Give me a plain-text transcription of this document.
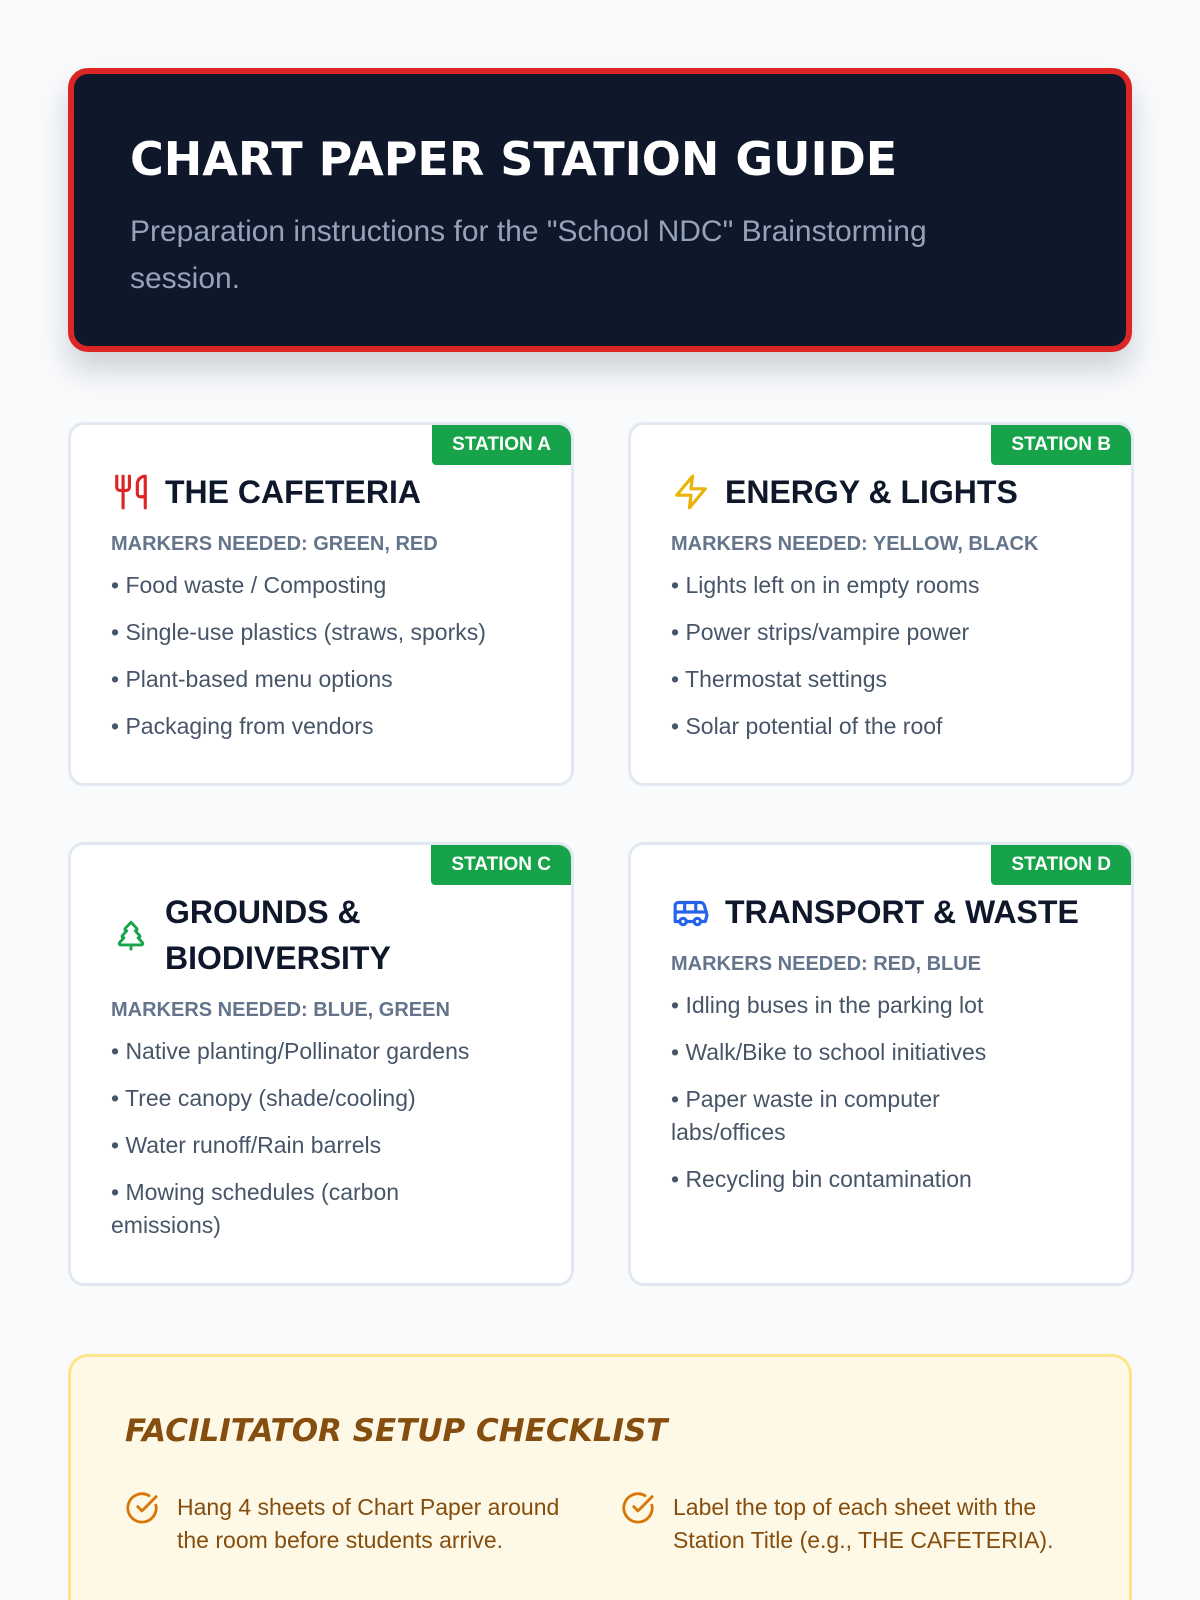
CHART PAPER STATION GUIDE
Preparation instructions for the "School NDC" Brainstorming session.
STATION A
THE CAFETERIA
MARKERS NEEDED: GREEN, RED
• Food waste / Composting
• Single-use plastics (straws, sporks)
• Plant-based menu options
• Packaging from vendors
STATION B
ENERGY & LIGHTS
MARKERS NEEDED: YELLOW, BLACK
• Lights left on in empty rooms
• Power strips/vampire power
• Thermostat settings
• Solar potential of the roof
STATION C
GROUNDS & BIODIVERSITY
MARKERS NEEDED: BLUE, GREEN
• Native planting/Pollinator gardens
• Tree canopy (shade/cooling)
• Water runoff/Rain barrels
• Mowing schedules (carbon emissions)
STATION D
TRANSPORT & WASTE
MARKERS NEEDED: RED, BLUE
• Idling buses in the parking lot
• Walk/Bike to school initiatives
• Paper waste in computer labs/offices
• Recycling bin contamination
FACILITATOR SETUP CHECKLIST
Hang 4 sheets of Chart Paper around the room before students arrive.
Label the top of each sheet with the Station Title (e.g., THE CAFETERIA).
